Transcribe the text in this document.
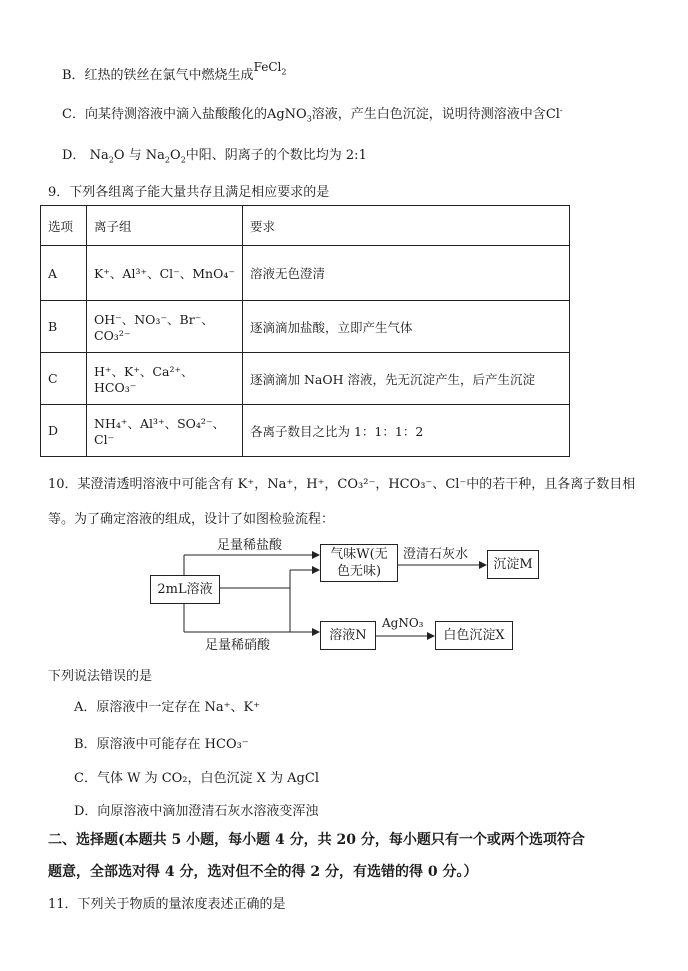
B．红热的铁丝在氯气中燃烧生成FeCl$_2$
C．向某待测溶液中滴入盐酸酸化的AgNO$_3$溶液，产生白色沉淀，说明待测溶液中含Cl-
D． $Na_2O$ 与 $Na_2O_2$中阳、阴离子的个数比均为 2:1
9．下列各组离子能大量共存且满足相应要求的是
选项	离子组	要求
A	K⁺、Al³⁺、Cl⁻、MnO₄⁻	溶液无色澄清
B	OH⁻、NO₃⁻、Br⁻、CO₃²⁻	逐滴滴加盐酸，立即产生气体
C	H⁺、K⁺、Ca²⁺、HCO₃⁻	逐滴滴加 NaOH 溶液，先无沉淀产生，后产生沉淀
D	NH₄⁺、Al³⁺、SO₄²⁻、Cl⁻	各离子数目之比为 1：1：1：2
10．某澄清透明溶液中可能含有 K⁺，Na⁺，H⁺，CO₃²⁻，HCO₃⁻、Cl⁻中的若干种，且各离子数目相
等。为了确定溶液的组成，设计了如图检验流程：
2mL溶液
足量稀盐酸
气味W(无色无味)
澄清石灰水
沉淀M
足量稀硝酸
溶液N
AgNO₃
白色沉淀X
下列说法错误的是
A．原溶液中一定存在 Na⁺、K⁺
B．原溶液中可能存在 HCO₃⁻
C．气体 W 为 CO₂，白色沉淀 X 为 AgCl
D．向原溶液中滴加澄清石灰水溶液变浑浊
二、选择题(本题共 5 小题，每小题 4 分，共 20 分，每小题只有一个或两个选项符合
题意，全部选对得 4 分，选对但不全的得 2 分，有选错的得 0 分。）
11．下列关于物质的量浓度表述正确的是
